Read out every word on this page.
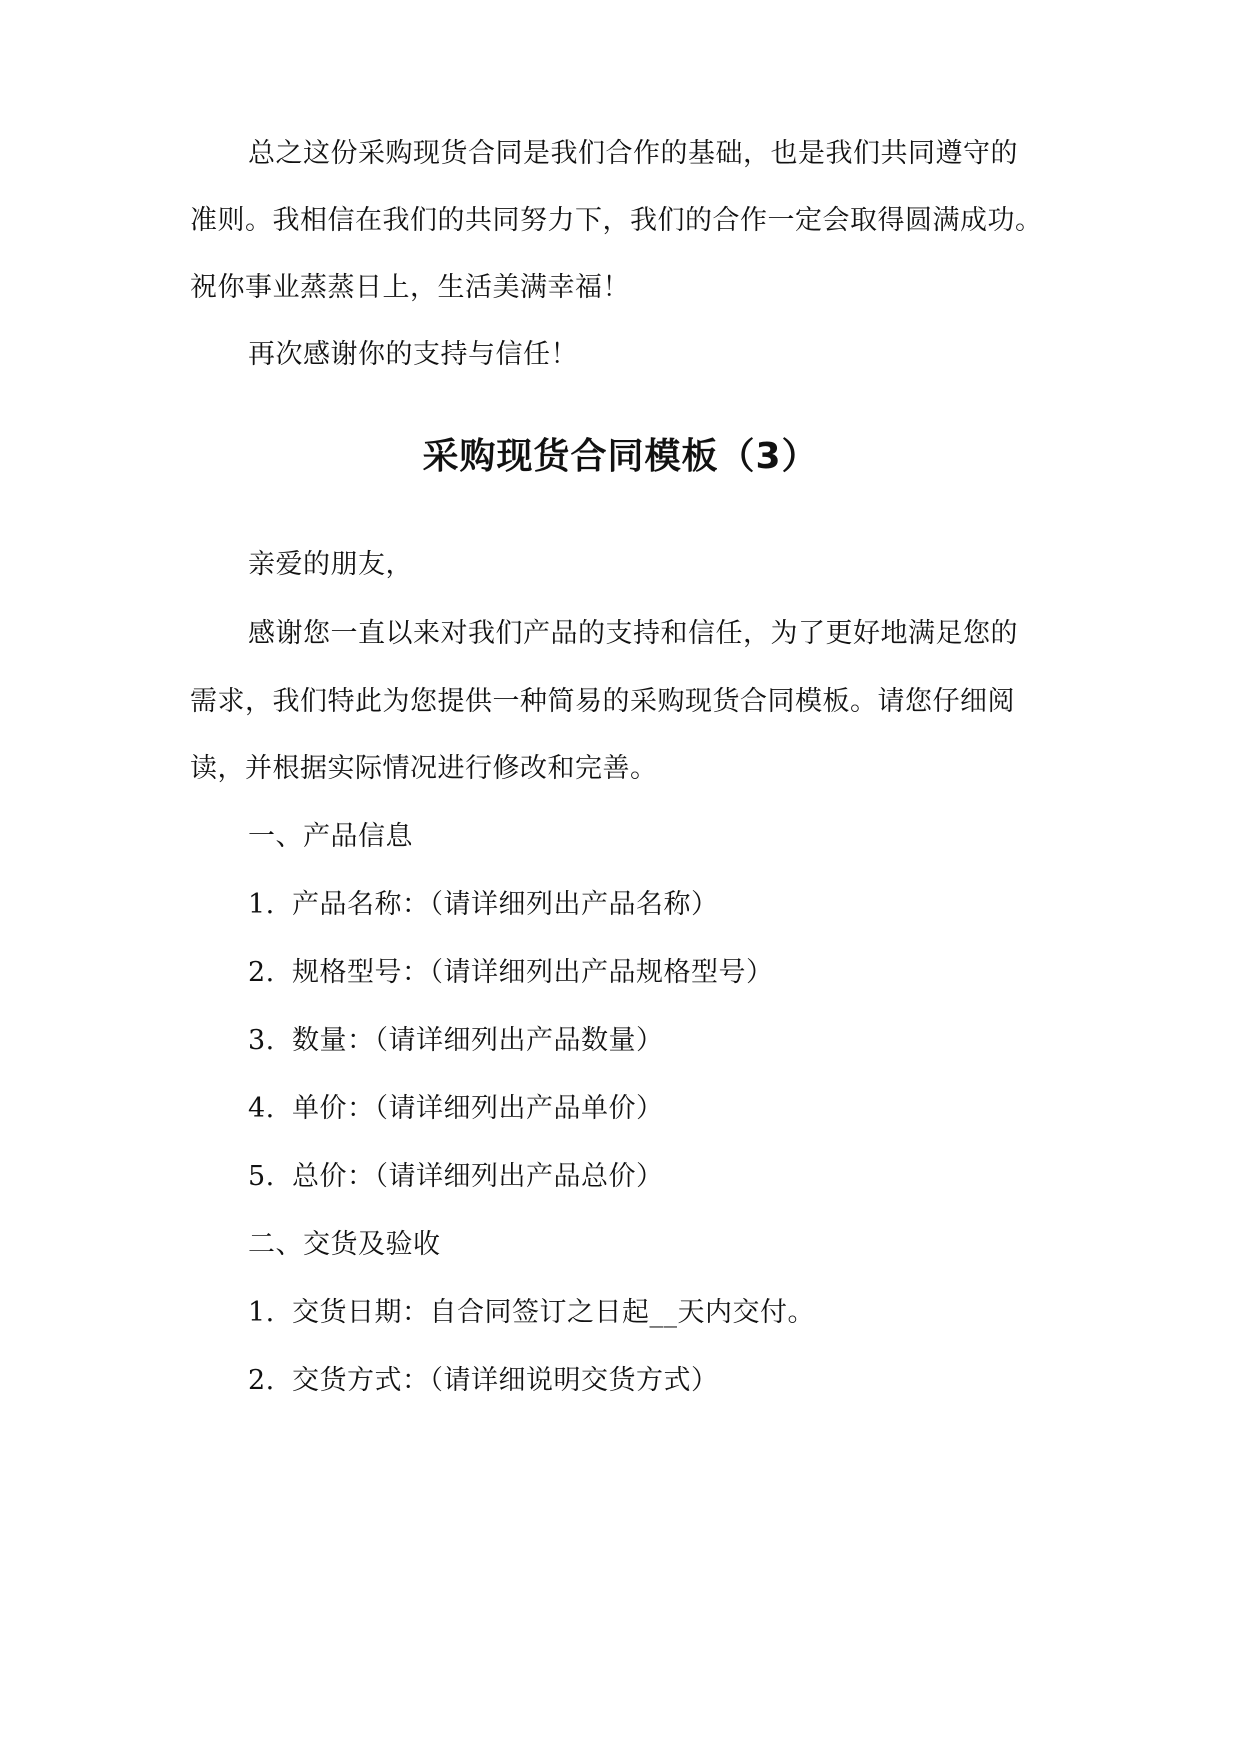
总之这份采购现货合同是我们合作的基础，也是我们共同遵守的
准则。我相信在我们的共同努力下，我们的合作一定会取得圆满成功。
祝你事业蒸蒸日上，生活美满幸福！
再次感谢你的支持与信任！
采购现货合同模板（3）
亲爱的朋友，
感谢您一直以来对我们产品的支持和信任，为了更好地满足您的
需求，我们特此为您提供一种简易的采购现货合同模板。请您仔细阅
读，并根据实际情况进行修改和完善。
一、产品信息
1. 产品名称：（请详细列出产品名称）
2. 规格型号：（请详细列出产品规格型号）
3. 数量：（请详细列出产品数量）
4. 单价：（请详细列出产品单价）
5. 总价：（请详细列出产品总价）
二、交货及验收
1. 交货日期：自合同签订之日起__天内交付。
2. 交货方式：（请详细说明交货方式）
